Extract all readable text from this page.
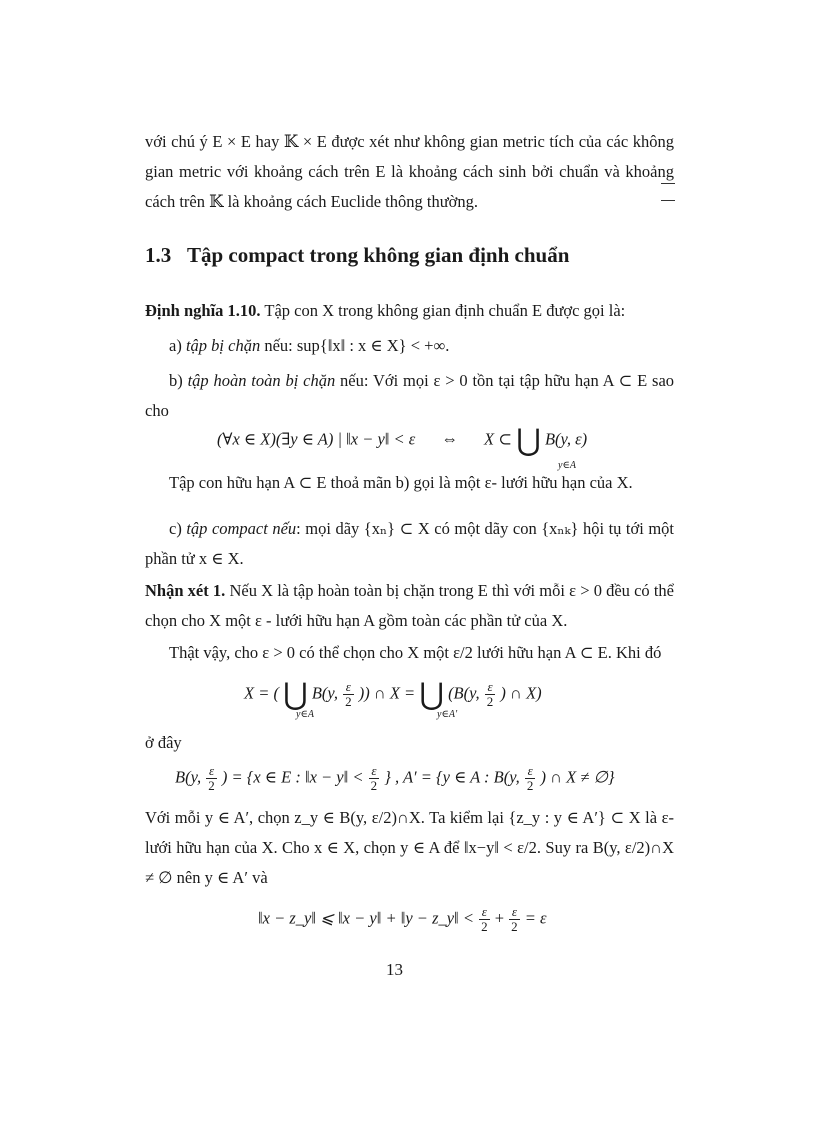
với chú ý E × E hay 𝕂 × E được xét như không gian metric tích của các không gian metric với khoảng cách trên E là khoảng cách sinh bởi chuẩn và khoảng cách trên 𝕂 là khoảng cách Euclide thông thường.
1.3 Tập compact trong không gian định chuẩn
Định nghĩa 1.10. Tập con X trong không gian định chuẩn E được gọi là:
a) tập bị chặn nếu: sup{‖x‖ : x ∈ X} < +∞.
b) tập hoàn toàn bị chặn nếu: Với mọi ε > 0 tồn tại tập hữu hạn A ⊂ E sao cho
(∀x ∈ X)(∃y ∈ A) | ‖x − y‖ < ε ⇔ X ⊂ ⋃ B(y, ε)
y∈A
Tập con hữu hạn A ⊂ E thoả mãn b) gọi là một ε- lưới hữu hạn của X.
c) tập compact nếu: mọi dãy {xₙ} ⊂ X có một dãy con {xₙₖ} hội tụ tới một phần tử x ∈ X.
Nhận xét 1. Nếu X là tập hoàn toàn bị chặn trong E thì với mỗi ε > 0 đều có thể chọn cho X một ε - lưới hữu hạn A gồm toàn các phần tử của X.
Thật vậy, cho ε > 0 có thể chọn cho X một ε/2 lưới hữu hạn A ⊂ E. Khi đó
X = ( ⋃ B(y, $\frac{\varepsilon}{2}$ )) ∩ X = ⋃ (B(y, $\frac{\varepsilon}{2}$ ) ∩ X)
y∈A	y∈A′
ở đây
B(y, $\frac{\varepsilon}{2}$ ) = {x ∈ E : ‖x − y‖ < $\frac{\varepsilon}{2}$ } , A′ = {y ∈ A : B(y, $\frac{\varepsilon}{2}$ ) ∩ X ≠ ∅}
Với mỗi y ∈ A′, chọn z_y ∈ B(y, ε/2)∩X. Ta kiểm lại {z_y : y ∈ A′} ⊂ X là ε- lưới hữu hạn của X. Cho x ∈ X, chọn y ∈ A để ‖x−y‖ < ε/2. Suy ra B(y, ε/2)∩X ≠ ∅ nên y ∈ A′ và
‖x − z_y‖ ⩽ ‖x − y‖ + ‖y − z_y‖ < $\frac{\varepsilon}{2} + \frac{\varepsilon}{2} = \varepsilon$
13
